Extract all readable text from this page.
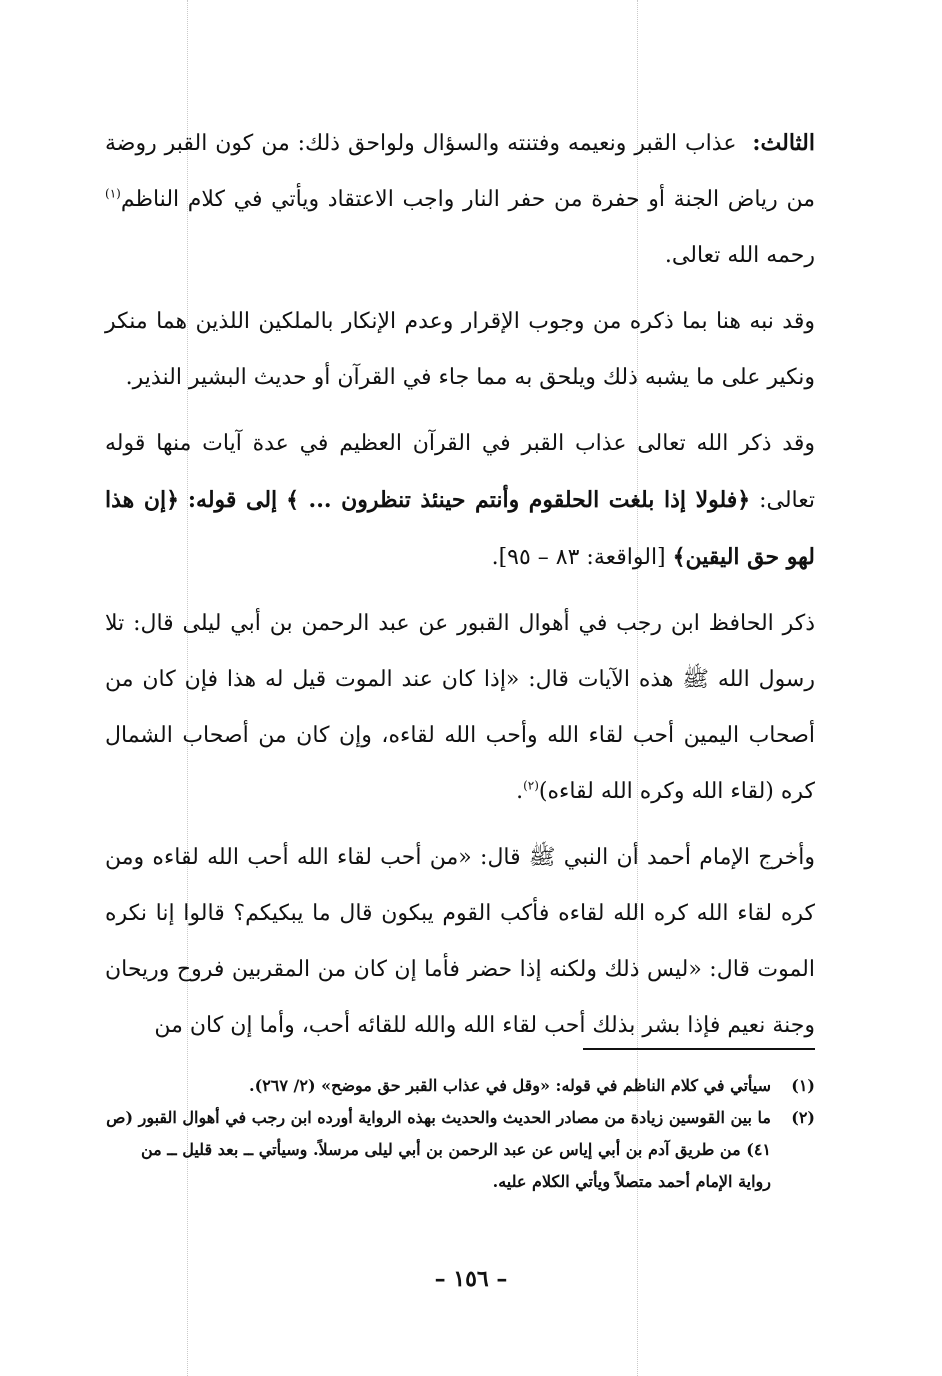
الثالث: عذاب القبر ونعيمه وفتنته والسؤال ولواحق ذلك: من كون القبر روضة من رياض الجنة أو حفرة من حفر النار واجب الاعتقاد ويأتي في كلام الناظم$^{(١)}$ رحمه الله تعالى.

وقد نبه هنا بما ذكره من وجوب الإقرار وعدم الإنكار بالملكين اللذين هما منكر ونكير على ما يشبه ذلك ويلحق به مما جاء في القرآن أو حديث البشير النذير.

وقد ذكر الله تعالى عذاب القبر في القرآن العظيم في عدة آيات منها قوله تعالى: ﴿فلولا إذا بلغت الحلقوم وأنتم حينئذ تنظرون ... ﴾ إلى قوله: ﴿إن هذا لهو حق اليقين﴾ [الواقعة: ٨٣ – ٩٥].

ذكر الحافظ ابن رجب في أهوال القبور عن عبد الرحمن بن أبي ليلى قال: تلا رسول الله ﷺ هذه الآيات قال: «إذا كان عند الموت قيل له هذا فإن كان من أصحاب اليمين أحب لقاء الله وأحب الله لقاءه، وإن كان من أصحاب الشمال كره (لقاء الله وكره الله لقاءه)$^{(٢)}$.

وأخرج الإمام أحمد أن النبي ﷺ قال: «من أحب لقاء الله أحب الله لقاءه ومن كره لقاء الله كره الله لقاءه فأكب القوم يبكون قال ما يبكيكم؟ قالوا إنا نكره الموت قال: «ليس ذلك ولكنه إذا حضر فأما إن كان من المقربين فروح وريحان وجنة نعيم فإذا بشر بذلك أحب لقاء الله والله للقائه أحب، وأما إن كان من

(١)
سيأتي في كلام الناظم في قوله: «وقل في عذاب القبر حق موضح» (٢/ ٢٦٧).
(٢)
ما بين القوسين زيادة من مصادر الحديث والحديث بهذه الرواية أورده ابن رجب في أهوال القبور (ص ٤١) من طريق آدم بن أبي إياس عن عبد الرحمن بن أبي ليلى مرسلاً. وسيأتي ــ بعد قليل ــ من رواية الإمام أحمد متصلاً ويأتي الكلام عليه.
– ١٥٦ –
